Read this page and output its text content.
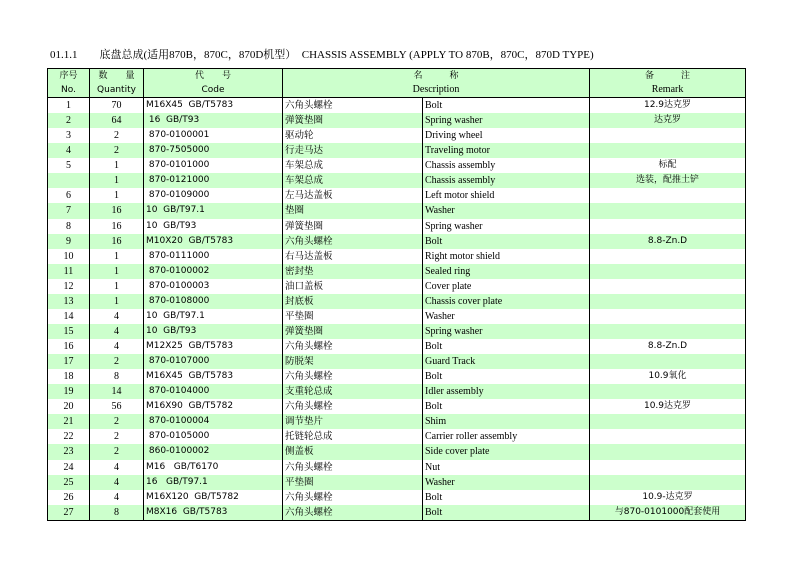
01.1.1　　底盘总成(适用870B，870C，870D机型）　CHASSIS ASSEMBLY (APPLY TO 870B，870C，870D TYPE)
序号	数　　量	代　　号	名　　　称		备　　　注
No.	Quantity	Code	Description		Remark
1	70	M16X45  GB/T5783	六角头螺栓	Bolt	12.9达克罗
2	64	16  GB/T93	弹簧垫圈	Spring washer	达克罗
3	2	870-0100001	驱动轮	Driving wheel	
4	2	870-7505000	行走马达	Traveling motor	
5	1	870-0101000	车架总成	Chassis assembly	标配
	1	870-0121000	车架总成	Chassis assembly	选装，配推土铲
6	1	870-0109000	左马达盖板	Left motor shield	
7	16	10  GB/T97.1	垫圈	Washer	
8	16	10  GB/T93	弹簧垫圈	Spring washer	
9	16	M10X20  GB/T5783	六角头螺栓	Bolt	8.8-Zn.D
10	1	870-0111000	右马达盖板	Right motor shield	
11	1	870-0100002	密封垫	Sealed ring	
12	1	870-0100003	油口盖板	Cover plate	
13	1	870-0108000	封底板	Chassis cover plate	
14	4	10  GB/T97.1	平垫圈	Washer	
15	4	10  GB/T93	弹簧垫圈	Spring washer	
16	4	M12X25  GB/T5783	六角头螺栓	Bolt	8.8-Zn.D
17	2	870-0107000	防脱架	Guard Track	
18	8	M16X45  GB/T5783	六角头螺栓	Bolt	10.9氧化
19	14	870-0104000	支重轮总成	Idler assembly	
20	56	M16X90  GB/T5782	六角头螺栓	Bolt	10.9达克罗
21	2	870-0100004	调节垫片	Shim	
22	2	870-0105000	托链轮总成	Carrier roller assembly	
23	2	860-0100002	侧盖板	Side cover plate	
24	4	M16   GB/T6170	六角头螺栓	Nut	
25	4	16   GB/T97.1	平垫圈	Washer	
26	4	M16X120  GB/T5782	六角头螺栓	Bolt	10.9-达克罗
27	8	M8X16  GB/T5783	六角头螺栓	Bolt	与870-0101000配套使用
